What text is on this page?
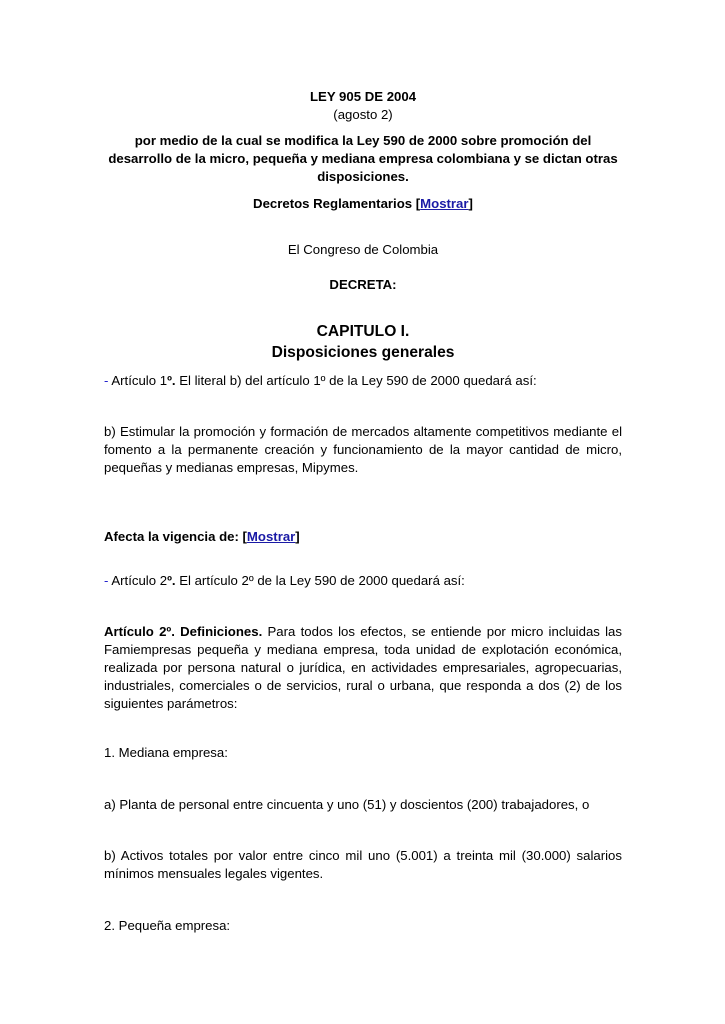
LEY 905 DE 2004

(agosto 2)

por medio de la cual se modifica la Ley 590 de 2000 sobre promoción del desarrollo de la micro, pequeña y mediana empresa colombiana y se dictan otras disposiciones.

Decretos Reglamentarios [Mostrar]

El Congreso de Colombia

DECRETA:

CAPITULO I.

Disposiciones generales

- Artículo 1º. El literal b) del artículo 1º de la Ley 590 de 2000 quedará así:

b) Estimular la promoción y formación de mercados altamente competitivos mediante el fomento a la permanente creación y funcionamiento de la mayor cantidad de micro, pequeñas y medianas empresas, Mipymes.

Afecta la vigencia de: [Mostrar]

- Artículo 2º. El artículo 2º de la Ley 590 de 2000 quedará así:

Artículo 2º. Definiciones. Para todos los efectos, se entiende por micro incluidas las Famiempresas pequeña y mediana empresa, toda unidad de explotación económica, realizada por persona natural o jurídica, en actividades empresariales, agropecuarias, industriales, comerciales o de servicios, rural o urbana, que responda a dos (2) de los siguientes parámetros:

1. Mediana empresa:

a) Planta de personal entre cincuenta y uno (51) y doscientos (200) trabajadores, o

b) Activos totales por valor entre cinco mil uno (5.001) a treinta mil (30.000) salarios mínimos mensuales legales vigentes.

2. Pequeña empresa:
